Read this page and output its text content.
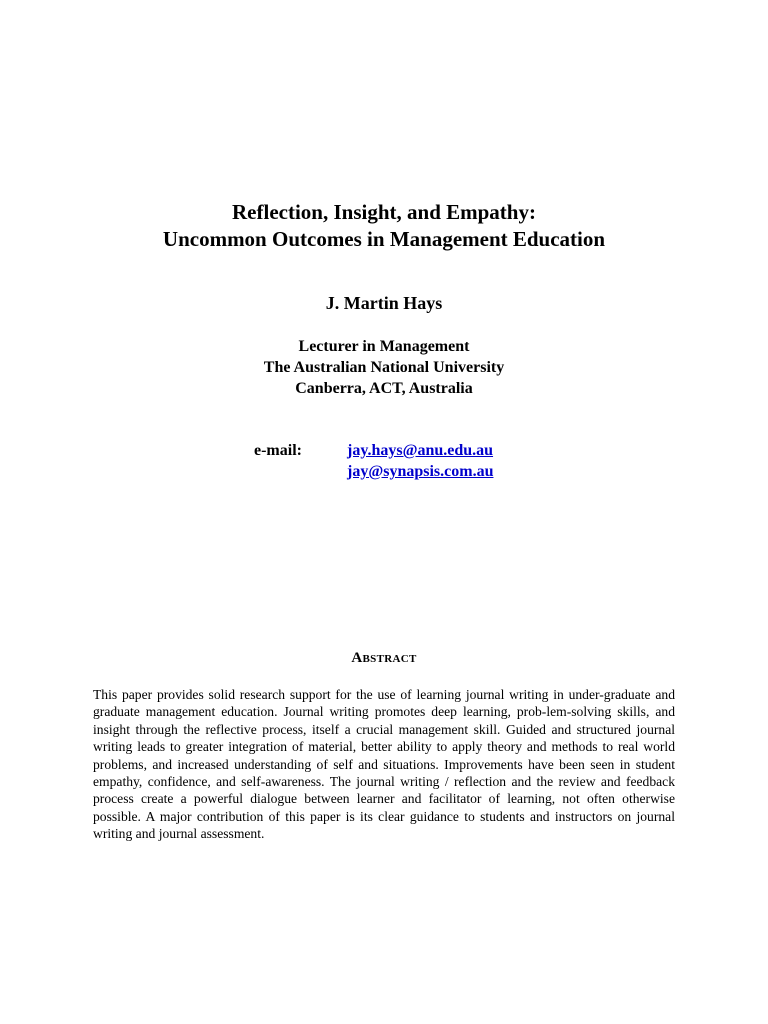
Reflection, Insight, and Empathy:
Uncommon Outcomes in Management Education
J. Martin Hays
Lecturer in Management
The Australian National University
Canberra, ACT, Australia
e-mail:	jay.hays@anu.edu.au
jay@synapsis.com.au
Abstract

This paper provides solid research support for the use of learning journal writing in under-graduate and graduate management education. Journal writing promotes deep learning, prob-lem-solving skills, and insight through the reflective process, itself a crucial management skill. Guided and structured journal writing leads to greater integration of material, better ability to apply theory and methods to real world problems, and increased understanding of self and situations. Improvements have been seen in student empathy, confidence, and self-awareness. The journal writing / reflection and the review and feedback process create a powerful dialogue between learner and facilitator of learning, not often otherwise possible. A major contribution of this paper is its clear guidance to students and instructors on journal writing and journal assessment.
